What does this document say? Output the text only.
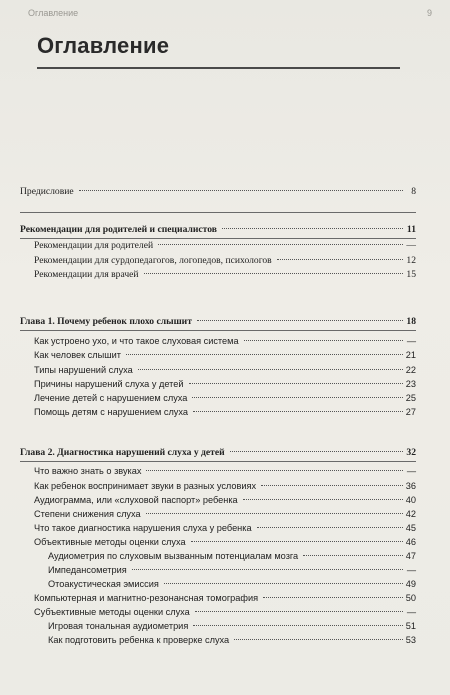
Оглавление	9
Оглавление
Предисловие	8
Рекомендации для родителей и специалистов	11
Рекомендации для родителей	—
Рекомендации для сурдопедагогов, логопедов, психологов	12
Рекомендации для врачей	15
Глава 1. Почему ребенок плохо слышит	18
Как устроено ухо, и что такое слуховая система	—
Как человек слышит	21
Типы нарушений слуха	22
Причины нарушений слуха у детей	23
Лечение детей с нарушением слуха	25
Помощь детям с нарушением слуха	27
Глава 2. Диагностика нарушений слуха у детей	32
Что важно знать о звуках	—
Как ребенок воспринимает звуки в разных условиях	36
Аудиограмма, или «слуховой паспорт» ребенка	40
Степени снижения слуха	42
Что такое диагностика нарушения слуха у ребенка	45
Объективные методы оценки слуха	46
Аудиометрия по слуховым вызванным потенциалам мозга	47
Импедансометрия	—
Отоакустическая эмиссия	49
Компьютерная и магнитно-резонансная томография	50
Субъективные методы оценки слуха	—
Игровая тональная аудиометрия	51
Как подготовить ребенка к проверке слуха	53
